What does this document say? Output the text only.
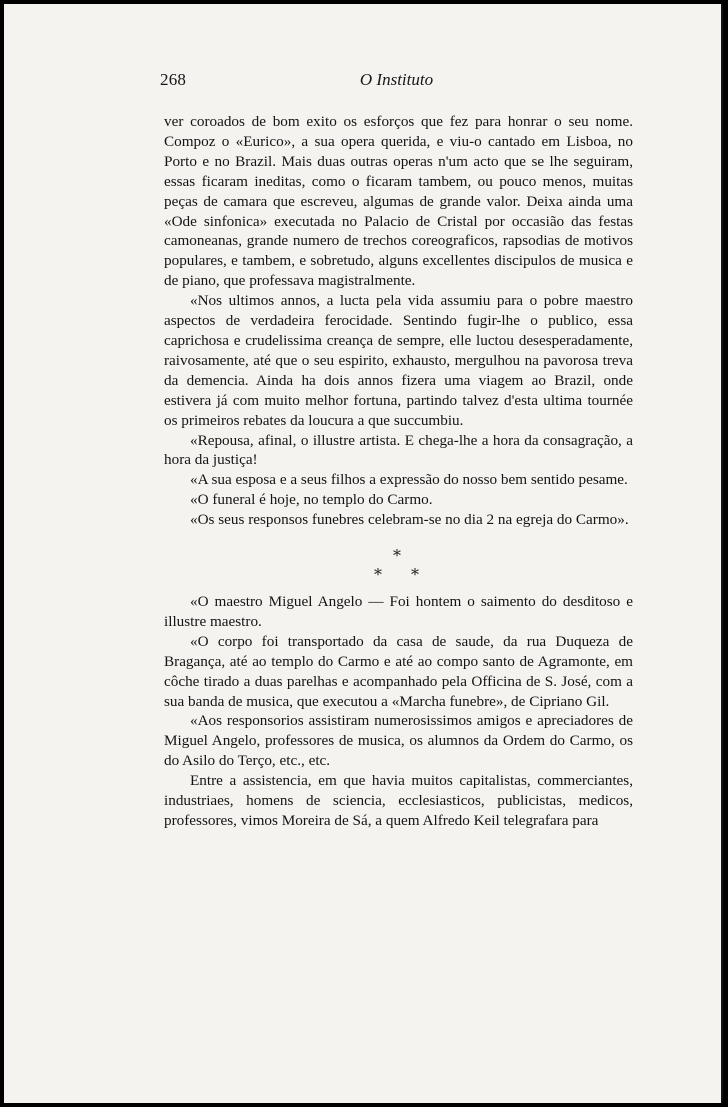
268	O Instituto

ver coroados de bom exito os esforços que fez para honrar o seu nome. Compoz o «Eurico», a sua opera querida, e viu-o cantado em Lisboa, no Porto e no Brazil. Mais duas outras operas n'um acto que se lhe seguiram, essas ficaram ineditas, como o ficaram tambem, ou pouco menos, muitas peças de camara que escreveu, algumas de grande valor. Deixa ainda uma «Ode sinfonica» executada no Palacio de Cristal por occasião das festas camoneanas, grande numero de trechos coreograficos, rapsodias de motivos populares, e tambem, e sobretudo, alguns excellentes discipulos de musica e de piano, que professava magistralmente.

«Nos ultimos annos, a lucta pela vida assumiu para o pobre maestro aspectos de verdadeira ferocidade. Sentindo fugir-lhe o publico, essa caprichosa e crudelissima creança de sempre, elle luctou desesperadamente, raivosamente, até que o seu espirito, exhausto, mergulhou na pavorosa treva da demencia. Ainda ha dois annos fizera uma viagem ao Brazil, onde estivera já com muito melhor fortuna, partindo talvez d'esta ultima tournée os primeiros rebates da loucura a que succumbiu.

«Repousa, afinal, o illustre artista. E chega-lhe a hora da consagração, a hora da justiça!

«A sua esposa e a seus filhos a expressão do nosso bem sentido pesame.

«O funeral é hoje, no templo do Carmo.

«Os seus responsos funebres celebram-se no dia 2 na egreja do Carmo».

*
* *

«O maestro Miguel Angelo — Foi hontem o saimento do desditoso e illustre maestro.

«O corpo foi transportado da casa de saude, da rua Duqueza de Bragança, até ao templo do Carmo e até ao compo santo de Agramonte, em côche tirado a duas parelhas e acompanhado pela Officina de S. José, com a sua banda de musica, que executou a «Marcha funebre», de Cipriano Gil.

«Aos responsorios assistiram numerosissimos amigos e apreciadores de Miguel Angelo, professores de musica, os alumnos da Ordem do Carmo, os do Asilo do Terço, etc., etc.

Entre a assistencia, em que havia muitos capitalistas, commerciantes, industriaes, homens de sciencia, ecclesiasticos, publicistas, medicos, professores, vimos Moreira de Sá, a quem Alfredo Keil telegrafara para
